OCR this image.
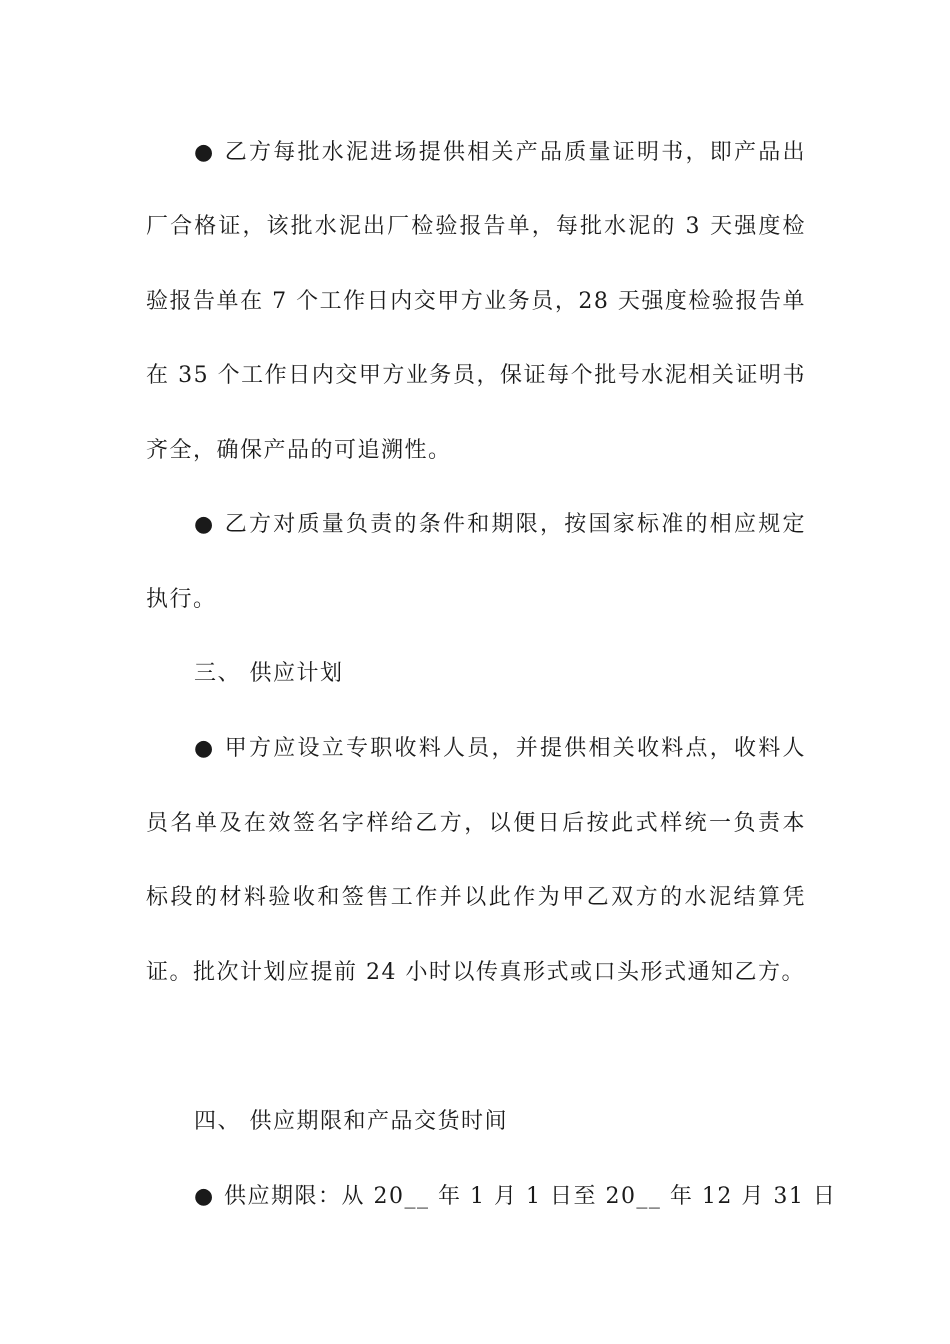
● 乙方每批水泥进场提供相关产品质量证明书，即产品出
厂合格证，该批水泥出厂检验报告单，每批水泥的 3 天强度检
验报告单在 7 个工作日内交甲方业务员，28 天强度检验报告单
在 35 个工作日内交甲方业务员，保证每个批号水泥相关证明书
齐全，确保产品的可追溯性。
● 乙方对质量负责的条件和期限，按国家标准的相应规定
执行。
三、 供应计划
● 甲方应设立专职收料人员，并提供相关收料点，收料人
员名单及在效签名字样给乙方，以便日后按此式样统一负责本
标段的材料验收和签售工作并以此作为甲乙双方的水泥结算凭
证。批次计划应提前 24 小时以传真形式或口头形式通知乙方。
四、 供应期限和产品交货时间
● 供应期限：从 20__ 年 1 月 1 日至 20__ 年 12 月 31 日
